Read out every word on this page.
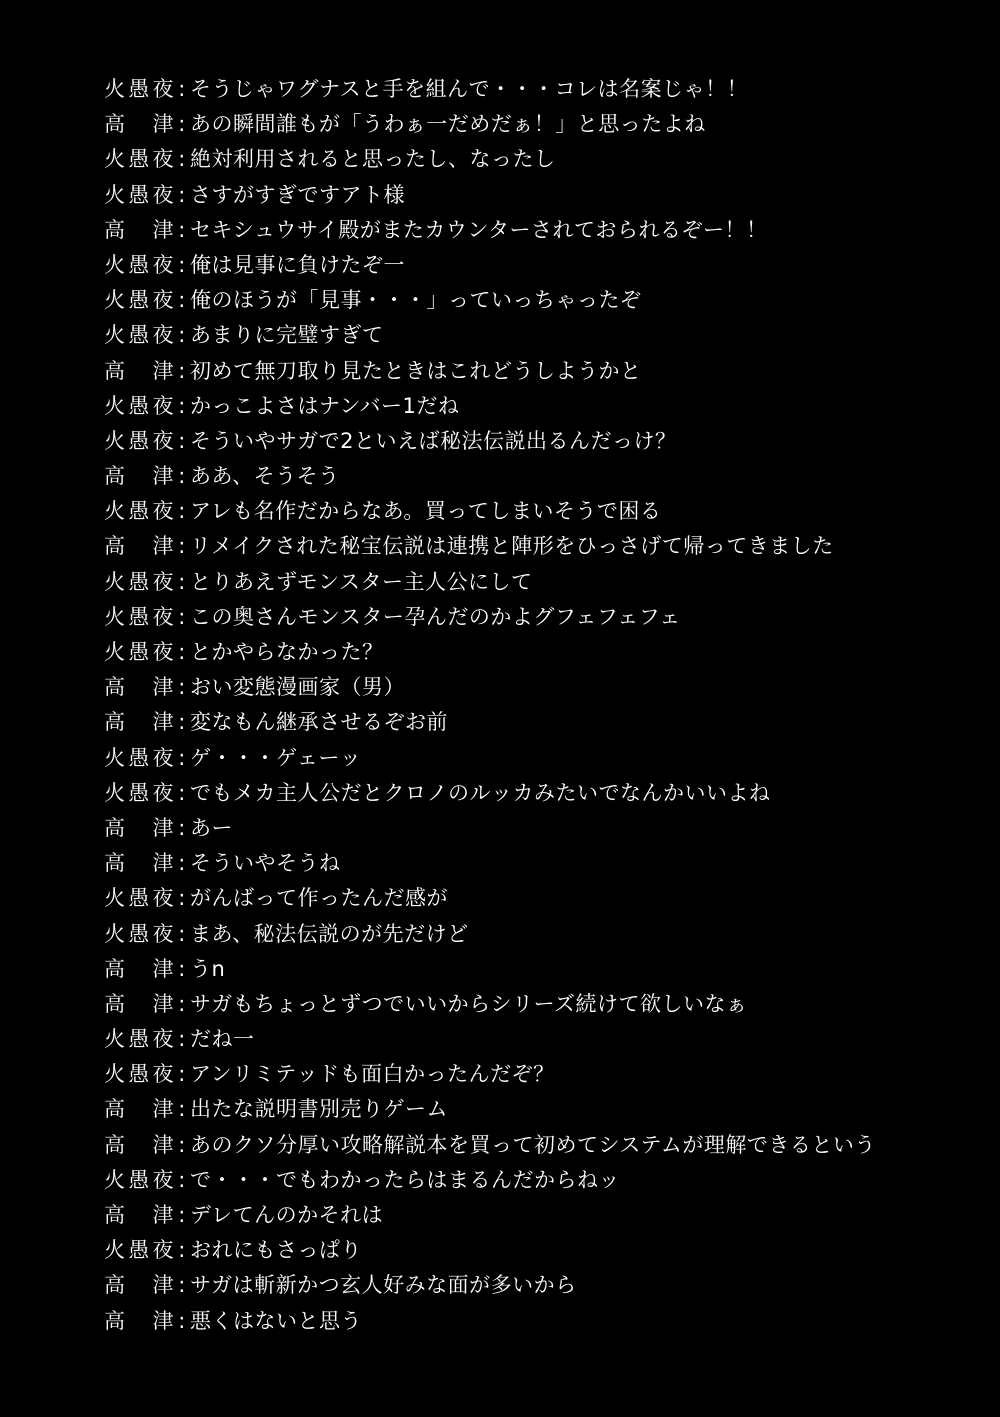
火愚夜 : そうじゃワグナスと手を組んで・・・コレは名案じゃ！！
高津 : あの瞬間誰もが「うわぁ一だめだぁ！」と思ったよね
火愚夜 : 絶対利用されると思ったし、なったし
火愚夜 : さすがすぎですアト様
高津 : セキシュウサイ殿がまたカウンターされておられるぞー！！
火愚夜 : 俺は見事に負けたぞ一
火愚夜 : 俺のほうが「見事・・・」っていっちゃったぞ
火愚夜 : あまりに完璧すぎて
高津 : 初めて無刀取り見たときはこれどうしようかと
火愚夜 : かっこよさはナンバー1だね
火愚夜 : そういやサガで2といえば秘法伝説出るんだっけ？
高津 : ああ、そうそう
火愚夜 : アレも名作だからなあ。買ってしまいそうで困る
高津 : リメイクされた秘宝伝説は連携と陣形をひっさげて帰ってきました
火愚夜 : とりあえずモンスター主人公にして
火愚夜 : この奥さんモンスター孕んだのかよグフェフェフェ
火愚夜 : とかやらなかった？
高津 : おい変態漫画家（男）
高津 : 変なもん継承させるぞお前
火愚夜 : ゲ・・・ゲェーッ
火愚夜 : でもメカ主人公だとクロノのルッカみたいでなんかいいよね
高津 : あー
高津 : そういやそうね
火愚夜 : がんばって作ったんだ感が
火愚夜 : まあ、秘法伝説のが先だけど
高津 : うn
高津 : サガもちょっとずつでいいからシリーズ続けて欲しいなぁ
火愚夜 : だね一
火愚夜 : アンリミテッドも面白かったんだぞ？
高津 : 出たな説明書別売りゲーム
高津 : あのクソ分厚い攻略解説本を買って初めてシステムが理解できるという
火愚夜 : で・・・でもわかったらはまるんだからねッ
高津 : デレてんのかそれは
火愚夜 : おれにもさっぱり
高津 : サガは斬新かつ玄人好みな面が多いから
高津 : 悪くはないと思う
